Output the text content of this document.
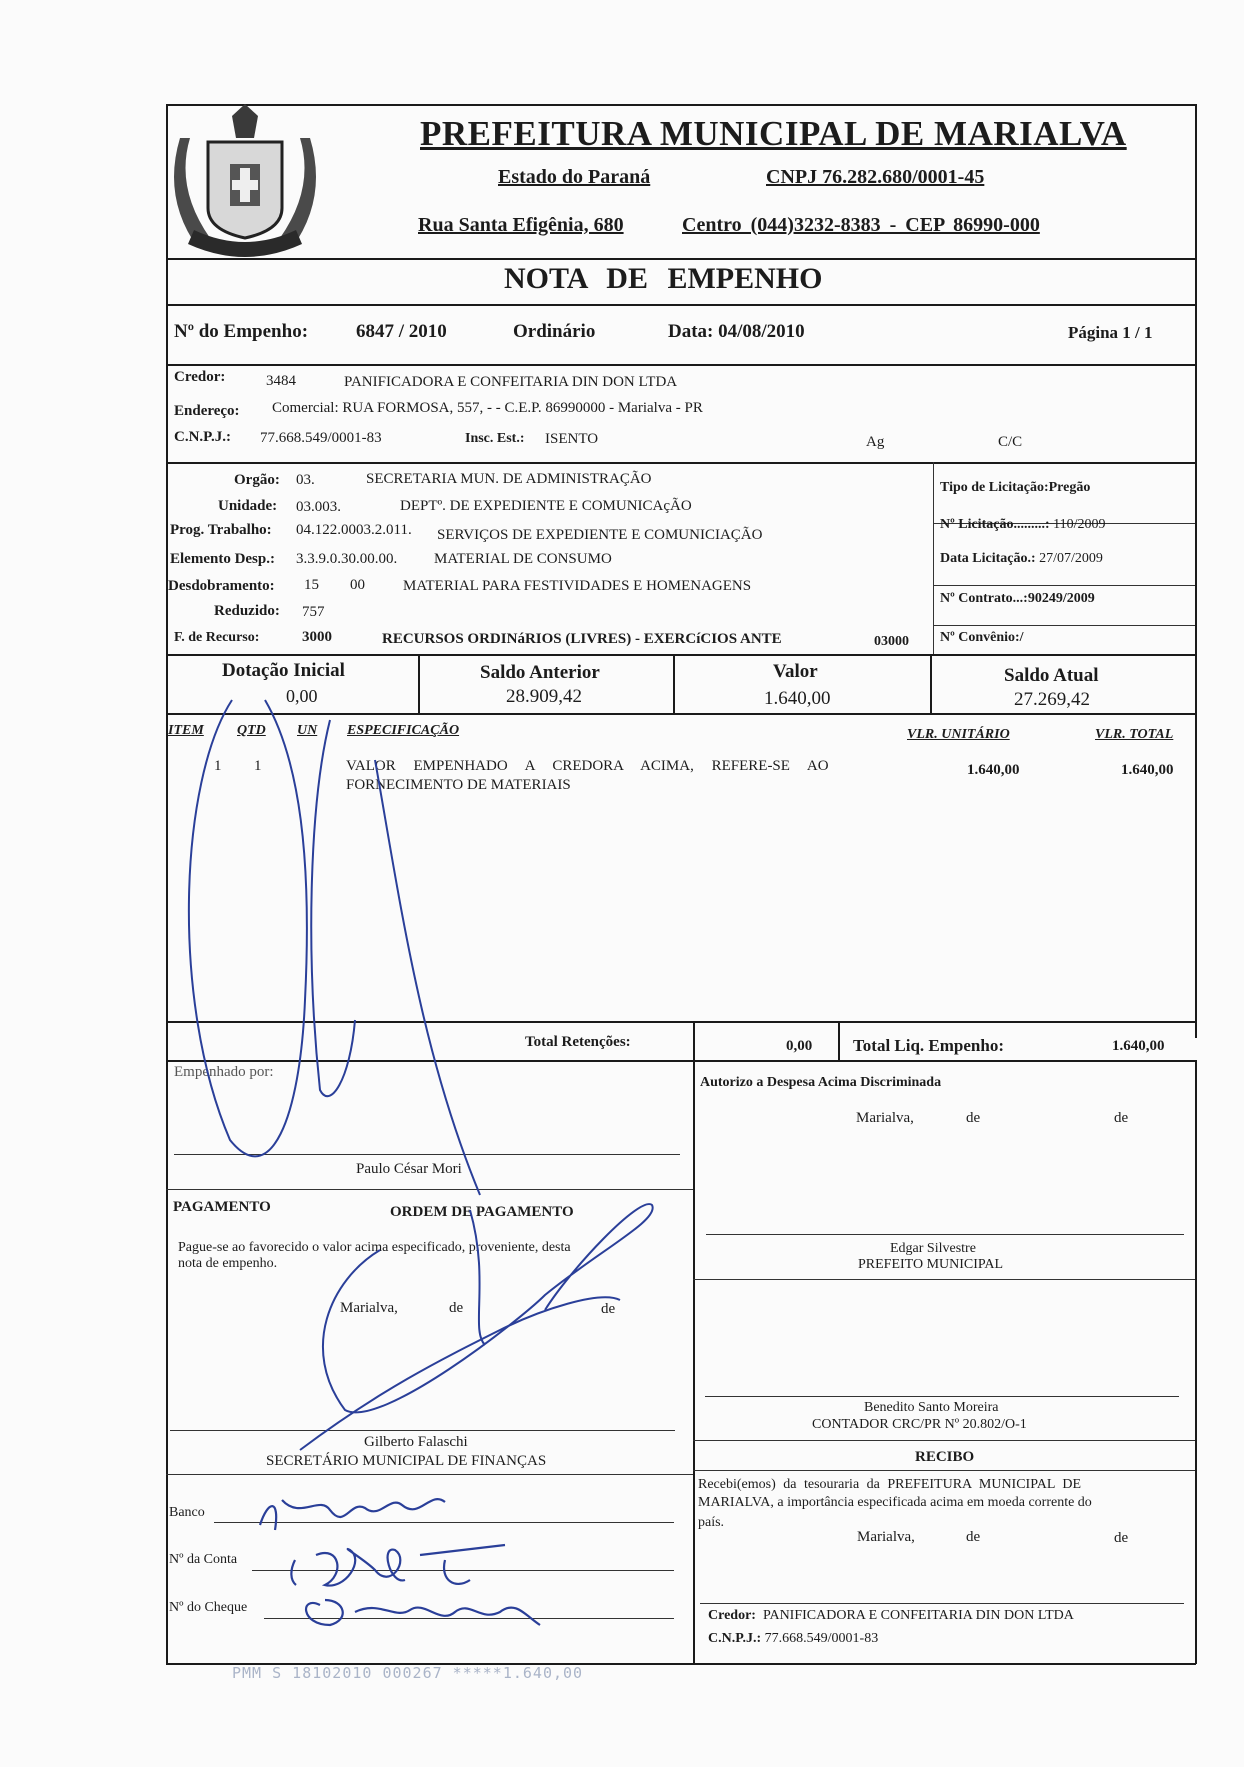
PREFEITURA MUNICIPAL DE MARIALVA
Estado do Paraná	CNPJ 76.282.680/0001-45
Rua Santa Efigênia, 680	Centro (044)3232-8383 - CEP 86990-000
NOTA DE EMPENHO
Nº do Empenho:	6847 / 2010	Ordinário	Data: 04/08/2010	Página 1 / 1
Credor:	3484	PANIFICADORA E CONFEITARIA DIN DON LTDA
Endereço: Comercial: RUA FORMOSA, 557, - - C.E.P. 86990000 - Marialva - PR
C.N.P.J.: 77.668.549/0001-83	Insc. Est.: ISENTO	Ag	C/C
Orgão: 03.	SECRETARIA MUN. DE ADMINISTRAÇÃO
Unidade: 03.003.	DEPTº. DE EXPEDIENTE E COMUNICAçÃO
Prog. Trabalho: 04.122.0003.2.011. SERVIÇOS DE EXPEDIENTE E COMUNICIAÇÃO
Elemento Desp.: 3.3.9.0.30.00.00. MATERIAL DE CONSUMO
Desdobramento: 15 00	MATERIAL PARA FESTIVIDADES E HOMENAGENS
Reduzido: 757
F. de Recurso:	3000	RECURSOS ORDINáRIOS (LIVRES) - EXERCíCIOS ANTE	03000
Tipo de Licitação:Pregão
Nº Licitação.........: 110/2009
Data Licitação.: 27/07/2009
Nº Contrato...:90249/2009
Nº Convênio:/
Dotação Inicial
0,00
Saldo Anterior
28.909,42
Valor
1.640,00
Saldo Atual
27.269,42
ITEM QTD UN ESPECIFICAÇÃO	VLR. UNITÁRIO	VLR. TOTAL
1 1	VALOR EMPENHADO A CREDORA ACIMA, REFERE-SE AO
FORNECIMENTO DE MATERIAIS
1.640,00	1.640,00
Total Retenções:	0,00 Total Liq. Empenho:	1.640,00
Empenhado por:
Paulo César Mori
Autorizo a Despesa Acima Discriminada
Marialva,	de	de
PAGAMENTO	ORDEM DE PAGAMENTO
Pague-se ao favorecido o valor acima especificado, proveniente, desta
nota de empenho.
Marialva,	de	de
Gilberto Falaschi
SECRETÁRIO MUNICIPAL DE FINANÇAS
Banco
Nº da Conta
Nº do Cheque
Edgar Silvestre
PREFEITO MUNICIPAL
Benedito Santo Moreira
CONTADOR CRC/PR Nº 20.802/O-1
RECIBO
Recebi(emos) da tesouraria da PREFEITURA MUNICIPAL DE
MARIALVA, a importância especificada acima em moeda corrente do
país.
Marialva,	de	de
Credor: PANIFICADORA E CONFEITARIA DIN DON LTDA
C.N.P.J.: 77.668.549/0001-83
PMM S 18102010 000267 *****1.640,00
